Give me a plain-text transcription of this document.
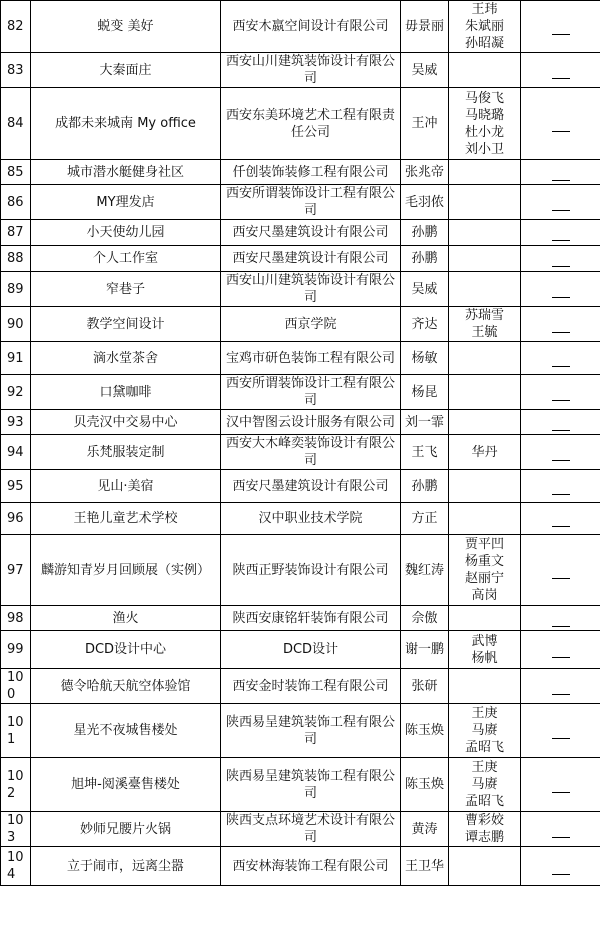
82	蜕变 美好	西安木嬴空间设计有限公司	毋景丽	王玮
朱斌丽
孙昭凝	
83	大秦面庄	西安山川建筑装饰设计有限公司	吴威		
84	成都未来城南 My office	西安东美环境艺术工程有限责任公司	王冲	马俊飞
马晓璐
杜小龙
刘小卫	
85	城市潜水艇健身社区	仟创装饰装修工程有限公司	张兆帝		
86	MY理发店	西安所谓装饰设计工程有限公司	毛羽侬		
87	小天使幼儿园	西安尺墨建筑设计有限公司	孙鹏		
88	个人工作室	西安尺墨建筑设计有限公司	孙鹏		
89	窄巷子	西安山川建筑装饰设计有限公司	吴威		
90	教学空间设计	西京学院	齐达	苏瑞雪
王毓	
91	滴水堂茶舍	宝鸡市研色装饰工程有限公司	杨敏		
92	口黛咖啡	西安所谓装饰设计工程有限公司	杨昆		
93	贝壳汉中交易中心	汉中智图云设计服务有限公司	刘一霏		
94	乐梵服装定制	西安大木峰奕装饰设计有限公司	王飞	华丹	
95	见山·美宿	西安尺墨建筑设计有限公司	孙鹏		
96	王艳儿童艺术学校	汉中职业技术学院	方正		
97	麟游知青岁月回顾展（实例）	陕西正野装饰设计有限公司	魏红涛	贾平凹
杨重文
赵丽宁
高岗	
98	渔火	陕西安康铭轩装饰有限公司	佘傲		
99	DCD设计中心	DCD设计	谢一鹏	武博
杨帆	
100	德令哈航天航空体验馆	西安金时装饰工程有限公司	张研		
101	星光不夜城售楼处	陕西易呈建筑装饰工程有限公司	陈玉焕	王庚
马赓
孟昭飞	
102	旭坤-阅溪臺售楼处	陕西易呈建筑装饰工程有限公司	陈玉焕	王庚
马赓
孟昭飞	
103	妙师兄腰片火锅	陕西支点环境艺术设计有限公司	黄涛	曹彩姣
谭志鹏	
104	立于闹市，远离尘嚣	西安林海装饰工程有限公司	王卫华		
